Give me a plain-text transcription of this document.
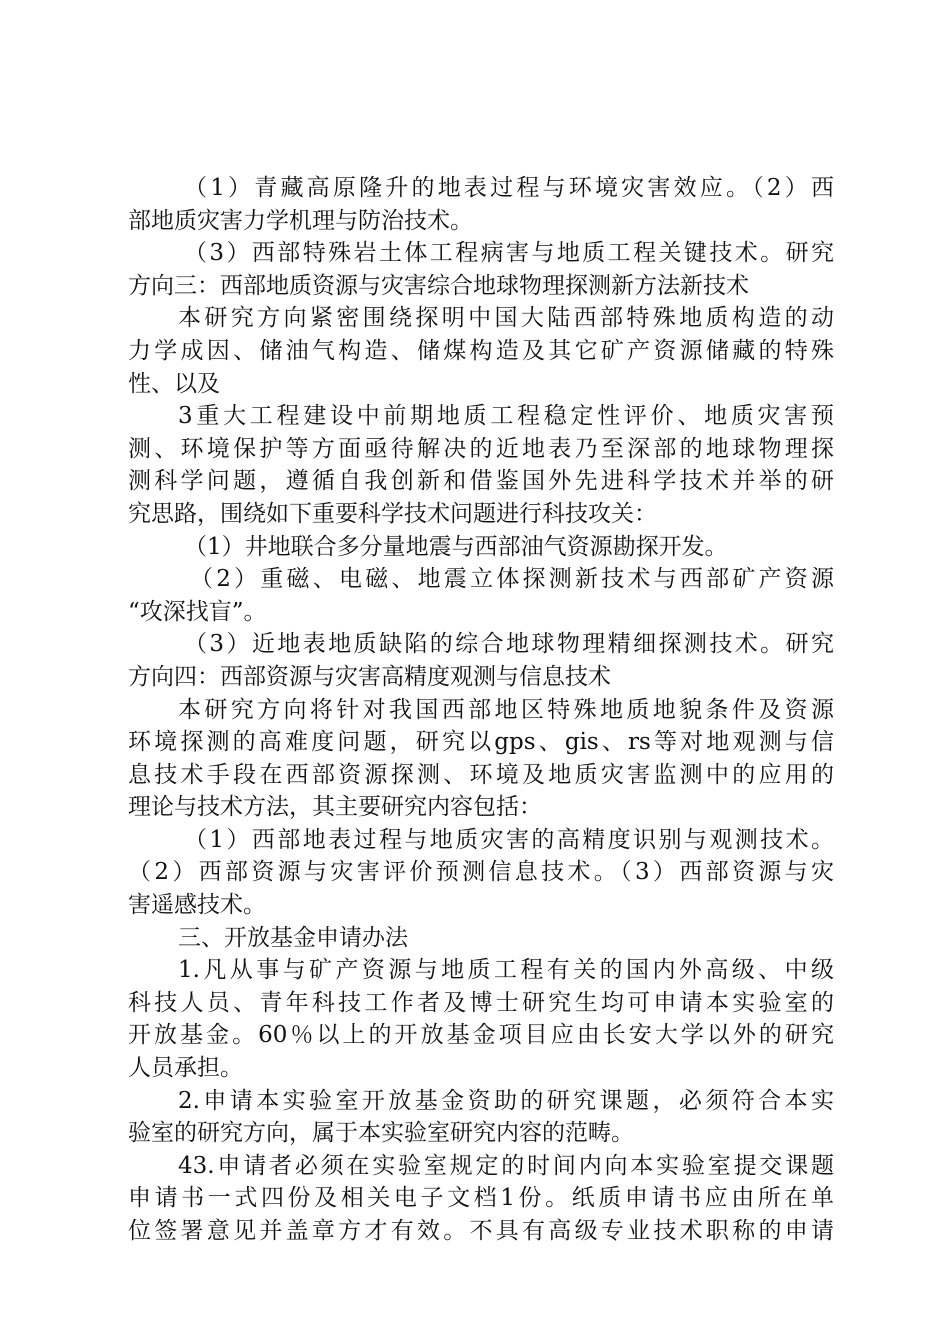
（1）青藏高原隆升的地表过程与环境灾害效应。（2）西
部地质灾害力学机理与防治技术。
（3）西部特殊岩土体工程病害与地质工程关键技术。研究
方向三：西部地质资源与灾害综合地球物理探测新方法新技术
本研究方向紧密围绕探明中国大陆西部特殊地质构造的动
力学成因、储油气构造、储煤构造及其它矿产资源储藏的特殊
性、以及
3重大工程建设中前期地质工程稳定性评价、地质灾害预
测、环境保护等方面亟待解决的近地表乃至深部的地球物理探
测科学问题，遵循自我创新和借鉴国外先进科学技术并举的研
究思路，围绕如下重要科学技术问题进行科技攻关：
（1）井地联合多分量地震与西部油气资源勘探开发。
（2）重磁、电磁、地震立体探测新技术与西部矿产资源
“攻深找盲”。
（3）近地表地质缺陷的综合地球物理精细探测技术。研究
方向四：西部资源与灾害高精度观测与信息技术
本研究方向将针对我国西部地区特殊地质地貌条件及资源
环境探测的高难度问题，研究以gps、gis、rs等对地观测与信
息技术手段在西部资源探测、环境及地质灾害监测中的应用的
理论与技术方法，其主要研究内容包括：
（1）西部地表过程与地质灾害的高精度识别与观测技术。
（2）西部资源与灾害评价预测信息技术。（3）西部资源与灾
害遥感技术。
三、开放基金申请办法
1.凡从事与矿产资源与地质工程有关的国内外高级、中级
科技人员、青年科技工作者及博士研究生均可申请本实验室的
开放基金。60％以上的开放基金项目应由长安大学以外的研究
人员承担。
2.申请本实验室开放基金资助的研究课题，必须符合本实
验室的研究方向，属于本实验室研究内容的范畴。
43.申请者必须在实验室规定的时间内向本实验室提交课题
申请书一式四份及相关电子文档1份。纸质申请书应由所在单
位签署意见并盖章方才有效。不具有高级专业技术职称的申请
